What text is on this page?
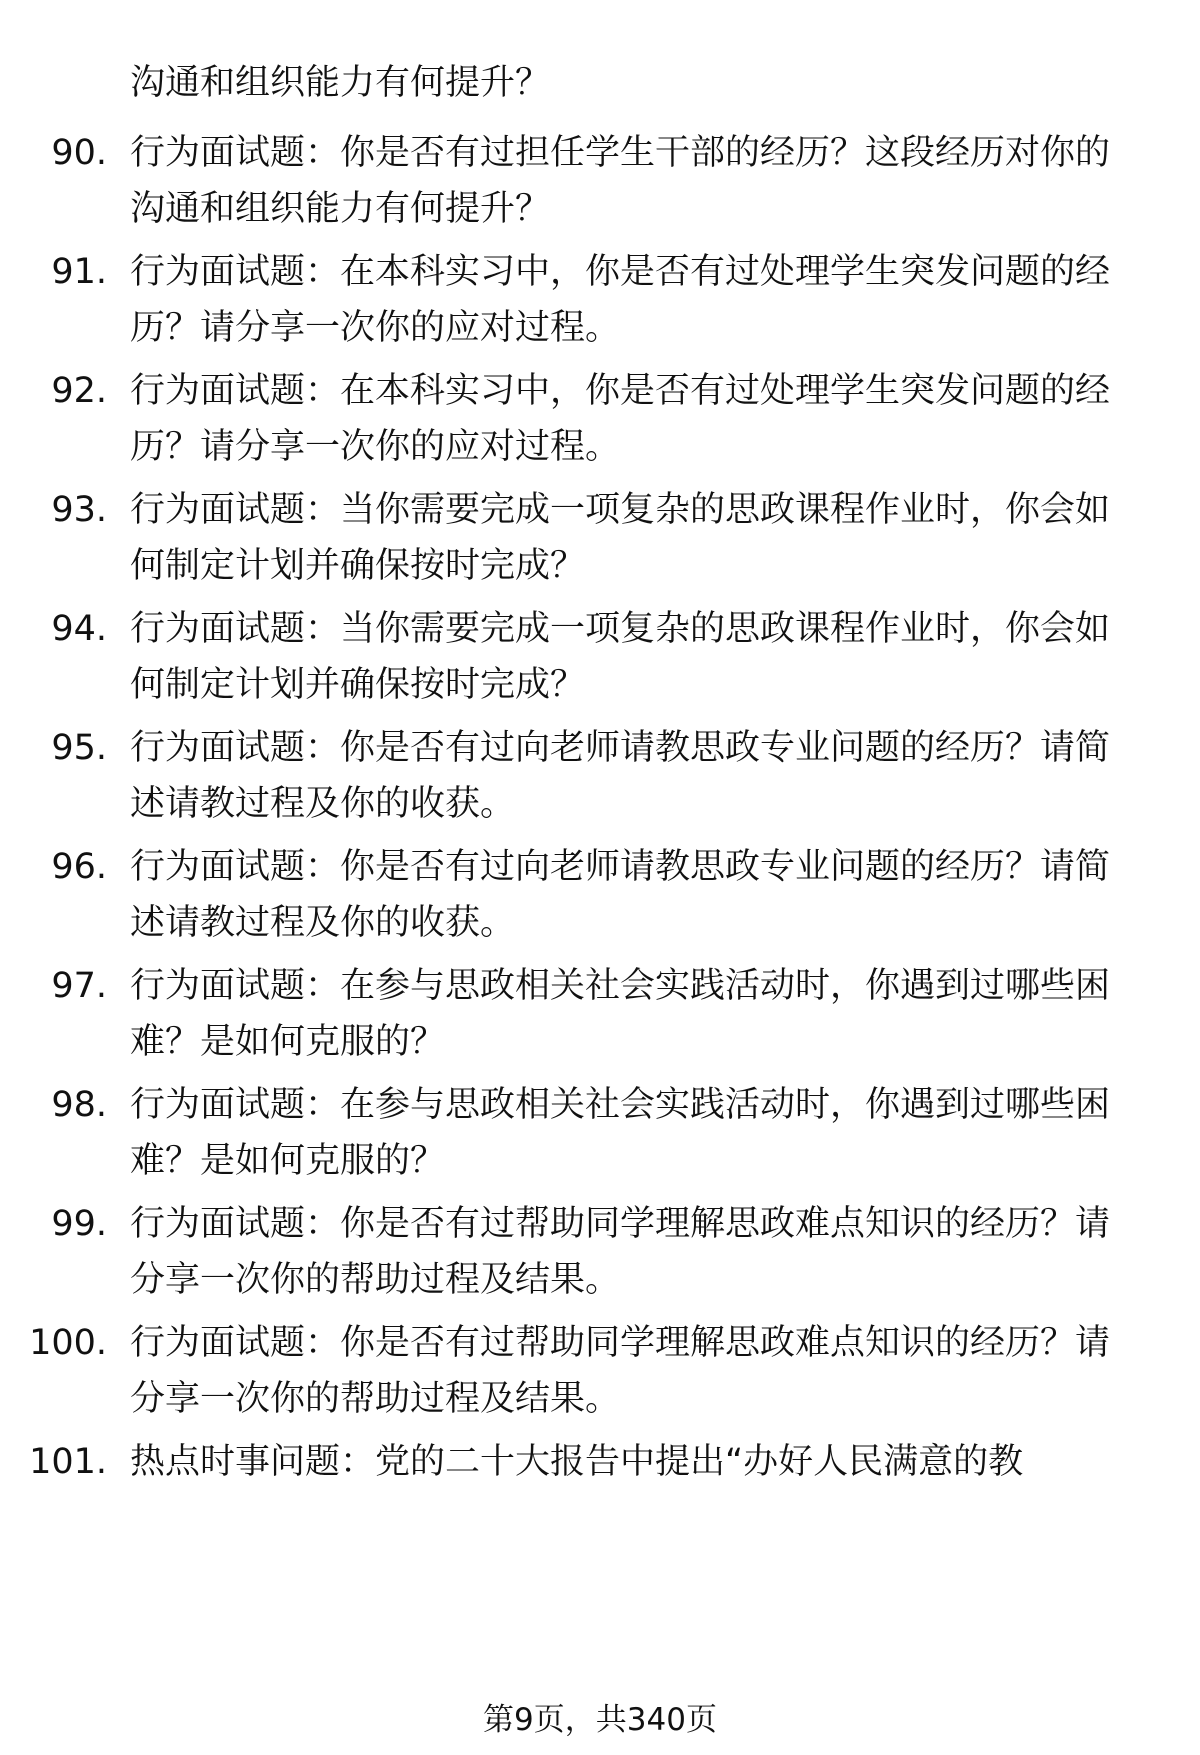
沟通和组织能力有何提升？

90. 行为面试题：你是否有过担任学生干部的经历？这段经历对你的
沟通和组织能力有何提升？
91. 行为面试题：在本科实习中，你是否有过处理学生突发问题的经
历？请分享一次你的应对过程。
92. 行为面试题：在本科实习中，你是否有过处理学生突发问题的经
历？请分享一次你的应对过程。
93. 行为面试题：当你需要完成一项复杂的思政课程作业时，你会如
何制定计划并确保按时完成？
94. 行为面试题：当你需要完成一项复杂的思政课程作业时，你会如
何制定计划并确保按时完成？
95. 行为面试题：你是否有过向老师请教思政专业问题的经历？请简
述请教过程及你的收获。
96. 行为面试题：你是否有过向老师请教思政专业问题的经历？请简
述请教过程及你的收获。
97. 行为面试题：在参与思政相关社会实践活动时，你遇到过哪些困
难？是如何克服的？
98. 行为面试题：在参与思政相关社会实践活动时，你遇到过哪些困
难？是如何克服的？
99. 行为面试题：你是否有过帮助同学理解思政难点知识的经历？请
分享一次你的帮助过程及结果。
100. 行为面试题：你是否有过帮助同学理解思政难点知识的经历？请
分享一次你的帮助过程及结果。
101. 热点时事问题：党的二十大报告中提出“办好人民满意的教
第9页，共340页
